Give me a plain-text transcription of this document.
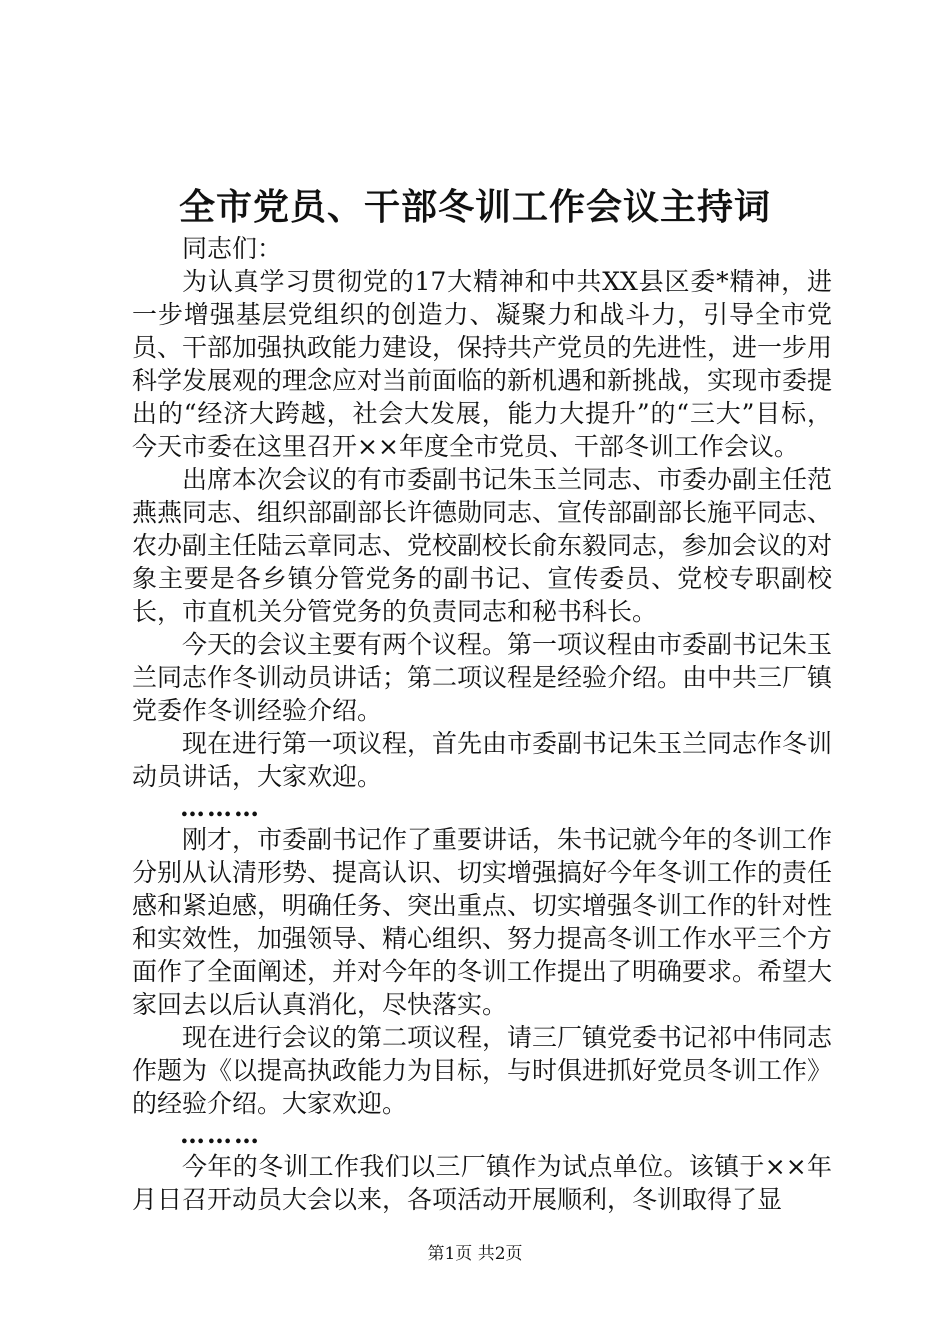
全市党员、干部冬训工作会议主持词

同志们：

为认真学习贯彻党的17大精神和中共XX县区委*精神，进一步增强基层党组织的创造力、凝聚力和战斗力，引导全市党员、干部加强执政能力建设，保持共产党员的先进性，进一步用科学发展观的理念应对当前面临的新机遇和新挑战，实现市委提出的“经济大跨越，社会大发展，能力大提升”的“三大”目标，今天市委在这里召开××年度全市党员、干部冬训工作会议。

出席本次会议的有市委副书记朱玉兰同志、市委办副主任范燕燕同志、组织部副部长许德勋同志、宣传部副部长施平同志、农办副主任陆云章同志、党校副校长俞东毅同志，参加会议的对象主要是各乡镇分管党务的副书记、宣传委员、党校专职副校长，市直机关分管党务的负责同志和秘书科长。

今天的会议主要有两个议程。第一项议程由市委副书记朱玉兰同志作冬训动员讲话；第二项议程是经验介绍。由中共三厂镇党委作冬训经验介绍。

现在进行第一项议程，首先由市委副书记朱玉兰同志作冬训动员讲话，大家欢迎。

………

刚才，市委副书记作了重要讲话，朱书记就今年的冬训工作分别从认清形势、提高认识、切实增强搞好今年冬训工作的责任感和紧迫感，明确任务、突出重点、切实增强冬训工作的针对性和实效性，加强领导、精心组织、努力提高冬训工作水平三个方面作了全面阐述，并对今年的冬训工作提出了明确要求。希望大家回去以后认真消化，尽快落实。

现在进行会议的第二项议程，请三厂镇党委书记祁中伟同志作题为《以提高执政能力为目标，与时俱进抓好党员冬训工作》的经验介绍。大家欢迎。

………

今年的冬训工作我们以三厂镇作为试点单位。该镇于××年月日召开动员大会以来，各项活动开展顺利，冬训取得了显

第1页 共2页
